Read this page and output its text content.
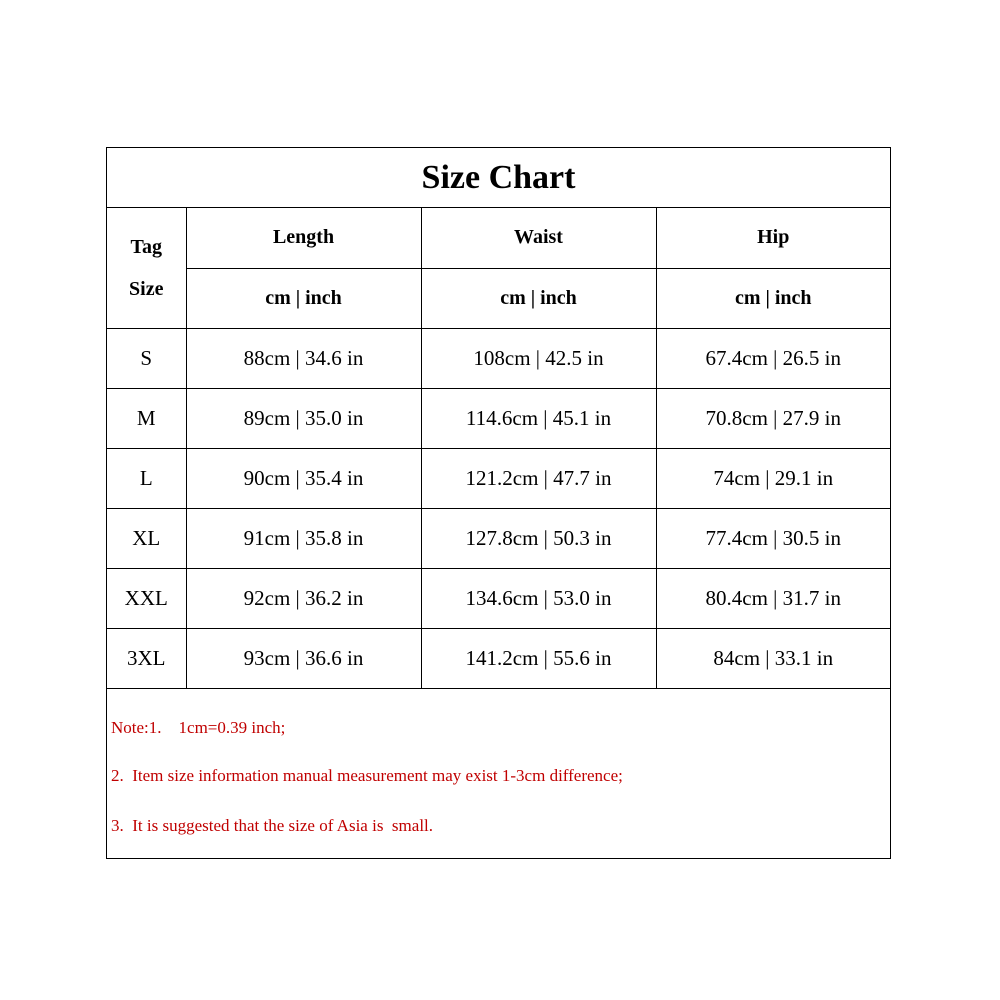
Size Chart
Tag
Size	Length	Waist	Hip
	cm | inch	cm | inch	cm | inch
S	88cm | 34.6 in	108cm | 42.5 in	67.4cm | 26.5 in
M	89cm | 35.0 in	114.6cm | 45.1 in	70.8cm | 27.9 in
L	90cm | 35.4 in	121.2cm | 47.7 in	74cm | 29.1 in
XL	91cm | 35.8 in	127.8cm | 50.3 in	77.4cm | 30.5 in
XXL	92cm | 36.2 in	134.6cm | 53.0 in	80.4cm | 31.7 in
3XL	93cm | 36.6 in	141.2cm | 55.6 in	84cm | 33.1 in
Note:1.    1cm=0.39 inch;
2.  Item size information manual measurement may exist 1-3cm difference;
3.  It is suggested that the size of Asia is  small.
